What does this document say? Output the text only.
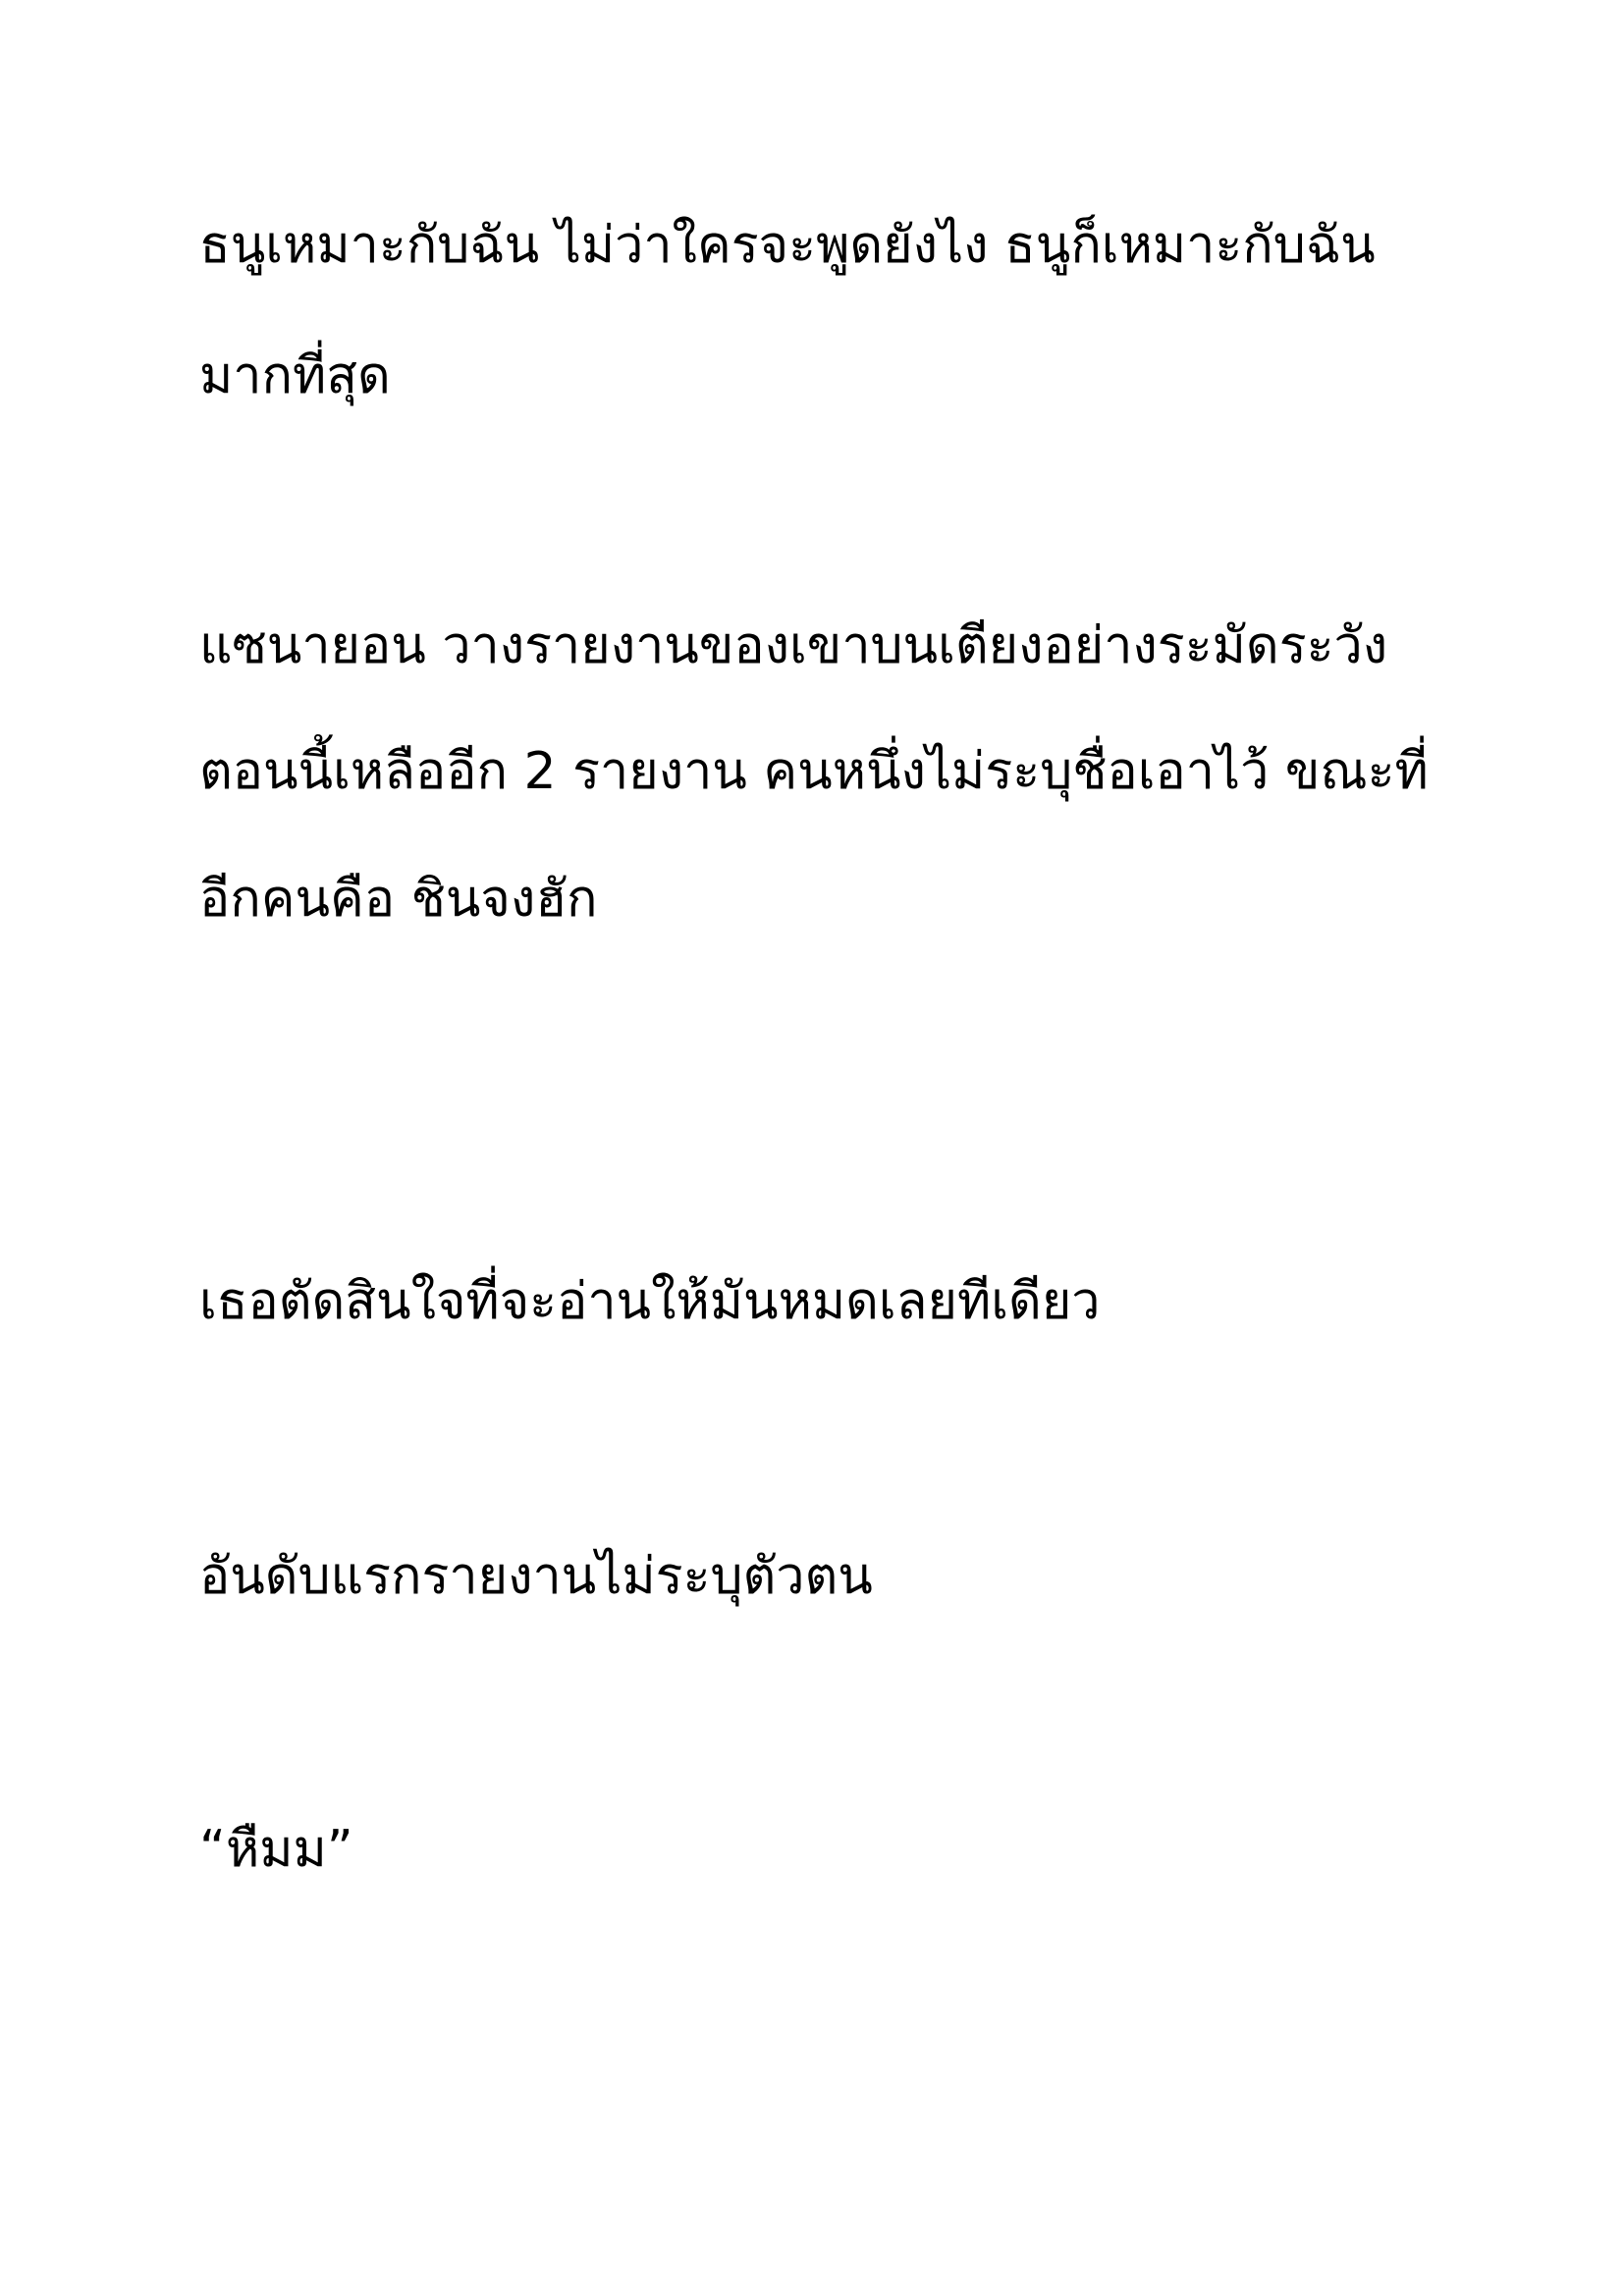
ธนูเหมาะกับฉัน ไม่ว่าใครจะพูดยังไง ธนูก็เหมาะกับฉัน

มากที่สุด

แซนายอน วางรายงานของเขาบนเตียงอย่างระมัดระวัง

ตอนนี้เหลืออีก 2 รายงาน คนหนึ่งไม่ระบุชื่อเอาไว้ ขณะที่

อีกคนคือ ชินจงฮัก

เธอตัดสินใจที่จะอ่านให้มันหมดเลยทีเดียว

อันดับแรกรายงานไม่ระบุตัวตน

“หืมม”
